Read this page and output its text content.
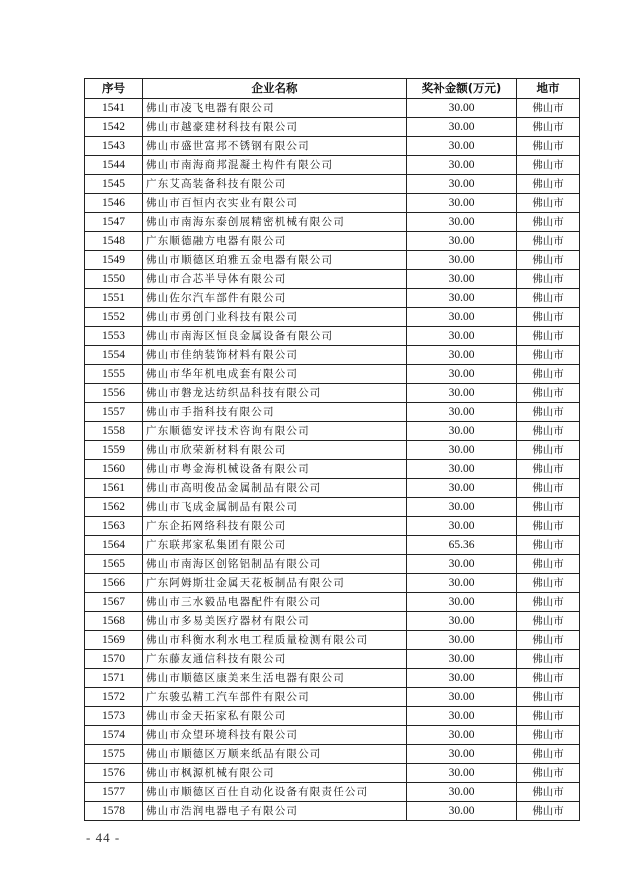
序号	企业名称	奖补金额(万元)	地市
1541	佛山市凌飞电器有限公司	30.00	佛山市
1542	佛山市越豪建材科技有限公司	30.00	佛山市
1543	佛山市盛世富邦不锈钢有限公司	30.00	佛山市
1544	佛山市南海商邦混凝土构件有限公司	30.00	佛山市
1545	广东艾高装备科技有限公司	30.00	佛山市
1546	佛山市百恒内衣实业有限公司	30.00	佛山市
1547	佛山市南海东泰创展精密机械有限公司	30.00	佛山市
1548	广东顺德融方电器有限公司	30.00	佛山市
1549	佛山市顺德区珀雅五金电器有限公司	30.00	佛山市
1550	佛山市合芯半导体有限公司	30.00	佛山市
1551	佛山佐尔汽车部件有限公司	30.00	佛山市
1552	佛山市勇创门业科技有限公司	30.00	佛山市
1553	佛山市南海区恒良金属设备有限公司	30.00	佛山市
1554	佛山市佳纳装饰材料有限公司	30.00	佛山市
1555	佛山市华年机电成套有限公司	30.00	佛山市
1556	佛山市磐龙达纺织品科技有限公司	30.00	佛山市
1557	佛山市手指科技有限公司	30.00	佛山市
1558	广东顺德安评技术咨询有限公司	30.00	佛山市
1559	佛山市欣荣新材料有限公司	30.00	佛山市
1560	佛山市粤金海机械设备有限公司	30.00	佛山市
1561	佛山市高明俊品金属制品有限公司	30.00	佛山市
1562	佛山市飞成金属制品有限公司	30.00	佛山市
1563	广东企拓网络科技有限公司	30.00	佛山市
1564	广东联邦家私集团有限公司	65.36	佛山市
1565	佛山市南海区创铭铝制品有限公司	30.00	佛山市
1566	广东阿姆斯壮金属天花板制品有限公司	30.00	佛山市
1567	佛山市三水毅品电器配件有限公司	30.00	佛山市
1568	佛山市多易美医疗器材有限公司	30.00	佛山市
1569	佛山市科衡水利水电工程质量检测有限公司	30.00	佛山市
1570	广东藤友通信科技有限公司	30.00	佛山市
1571	佛山市顺德区康美来生活电器有限公司	30.00	佛山市
1572	广东骏弘精工汽车部件有限公司	30.00	佛山市
1573	佛山市金天拓家私有限公司	30.00	佛山市
1574	佛山市众望环境科技有限公司	30.00	佛山市
1575	佛山市顺德区万顺来纸品有限公司	30.00	佛山市
1576	佛山市枫源机械有限公司	30.00	佛山市
1577	佛山市顺德区百仕自动化设备有限责任公司	30.00	佛山市
1578	佛山市浩润电器电子有限公司	30.00	佛山市
- 44 -
